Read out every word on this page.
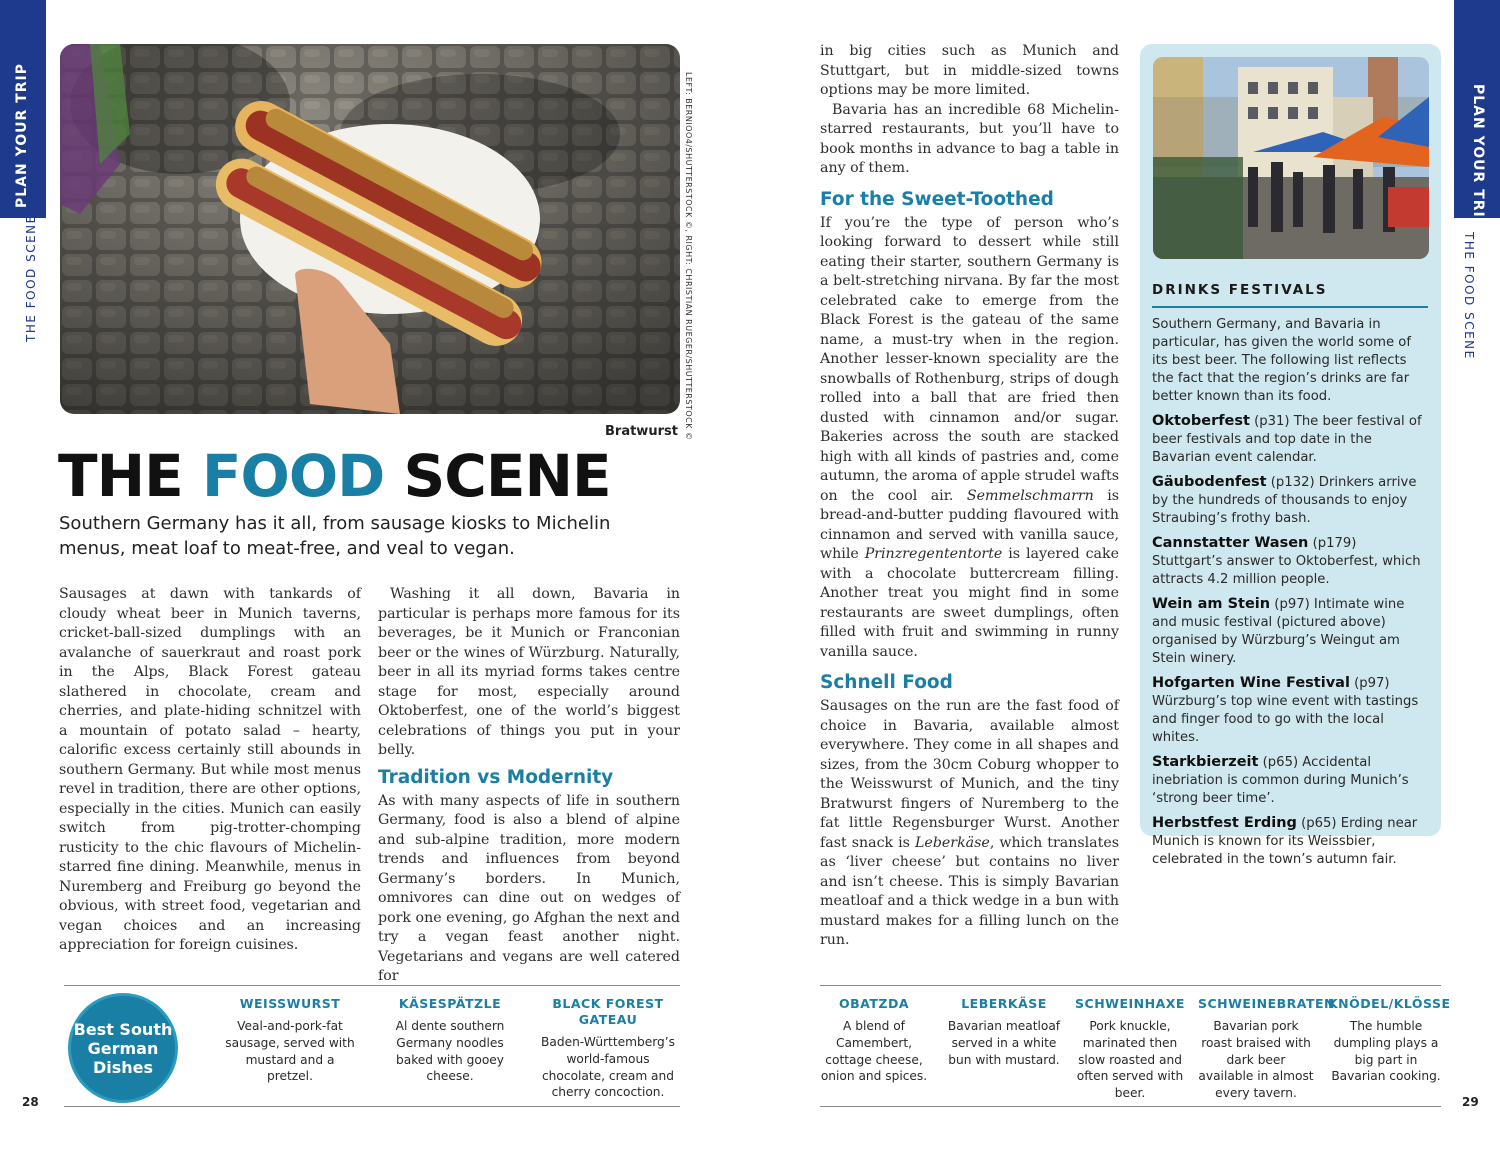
PLAN YOUR TRIP
THE FOOD SCENE
PLAN YOUR TRIP
THE FOOD SCENE
LEFT: BERNIOO4/SHUTTERSTOCK ©, RIGHT: CHRISTIAN RUEGER/SHUTTERSTOCK ©
Bratwurst
THE FOOD SCENE
Southern Germany has it all, from sausage kiosks to Michelin menus, meat loaf to meat-free, and veal to vegan.

Sausages at dawn with tankards of cloudy wheat beer in Munich taverns, cricket-ball-sized dumplings with an avalanche of sauerkraut and roast pork in the Alps, Black Forest gateau slathered in chocolate, cream and cherries, and plate-hiding schnitzel with a mountain of potato salad – hearty, calorific excess certainly still abounds in southern Germany. But while most menus revel in tradition, there are other options, especially in the cities. Munich can easily switch from pig-trotter-chomping rusticity to the chic flavours of Michelin-starred fine dining. Meanwhile, menus in Nuremberg and Freiburg go beyond the obvious, with street food, vegetarian and vegan choices and an increasing appreciation for foreign cuisines.

Washing it all down, Bavaria in particular is perhaps more famous for its beverages, be it Munich or Franconian beer or the wines of Würzburg. Naturally, beer in all its myriad forms takes centre stage for most, especially around Oktoberfest, one of the world’s biggest celebrations of things you put in your belly.

Tradition vs Modernity

As with many aspects of life in southern Germany, food is also a blend of alpine and sub-alpine tradition, more modern trends and influences from beyond Germany’s borders. In Munich, omnivores can dine out on wedges of pork one evening, go Afghan the next and try a vegan feast another night. Vegetarians and vegans are well catered for

in big cities such as Munich and Stuttgart, but in middle-sized towns options may be more limited.

Bavaria has an incredible 68 Michelin-starred restaurants, but you’ll have to book months in advance to bag a table in any of them.

For the Sweet-Toothed

If you’re the type of person who’s looking forward to dessert while still eating their starter, southern Germany is a belt-stretching nirvana. By far the most celebrated cake to emerge from the Black Forest is the gateau of the same name, a must-try when in the region. Another lesser-known speciality are the snowballs of Rothenburg, strips of dough rolled into a ball that are fried then dusted with cinnamon and/or sugar. Bakeries across the south are stacked high with all kinds of pastries and, come autumn, the aroma of apple strudel wafts on the cool air. Semmelschmarrn is bread-and-butter pudding flavoured with cinnamon and served with vanilla sauce, while Prinzregententorte is layered cake with a chocolate buttercream filling. Another treat you might find in some restaurants are sweet dumplings, often filled with fruit and swimming in runny vanilla sauce.

Schnell Food

Sausages on the run are the fast food of choice in Bavaria, available almost everywhere. They come in all shapes and sizes, from the 30cm Coburg whopper to the Weisswurst of Munich, and the tiny Bratwurst fingers of Nuremberg to the fat little Regensburger Wurst. Another fast snack is Leberkäse, which translates as ‘liver cheese’ but contains no liver and isn’t cheese. This is simply Bavarian meatloaf and a thick wedge in a bun with mustard makes for a filling lunch on the run.

DRINKS FESTIVALS

Southern Germany, and Bavaria in particular, has given the world some of its best beer. The following list reflects the fact that the region’s drinks are far better known than its food.

Oktoberfest (p31) The beer festival of beer festivals and top date in the Bavarian event calendar.

Gäubodenfest (p132) Drinkers arrive by the hundreds of thousands to enjoy Straubing’s frothy bash.

Cannstatter Wasen (p179) Stuttgart’s answer to Oktoberfest, which attracts 4.2 million people.

Wein am Stein (p97) Intimate wine and music festival (pictured above) organised by Würzburg’s Weingut am Stein winery.

Hofgarten Wine Festival (p97) Würzburg’s top wine event with tastings and finger food to go with the local whites.

Starkbierzeit (p65) Accidental inebriation is common during Munich’s ‘strong beer time’.

Herbstfest Erding (p65) Erding near Munich is known for its Weissbier, celebrated in the town’s autumn fair.

Best South German Dishes
WEISSWURST
Veal-and-pork-fat sausage, served with mustard and a pretzel.
KÄSESPÄTZLE
Al dente southern Germany noodles baked with gooey cheese.
BLACK FOREST GATEAU
Baden-Württemberg’s world-famous chocolate, cream and cherry concoction.
OBATZDA
A blend of Camembert, cottage cheese, onion and spices.
LEBERKÄSE
Bavarian meatloaf served in a white bun with mustard.
SCHWEINHAXE
Pork knuckle, marinated then slow roasted and often served with beer.
SCHWEINEBRATEN
Bavarian pork roast braised with dark beer available in almost every tavern.
KNÖDEL/KLÖSSE
The humble dumpling plays a big part in Bavarian cooking.
28	29
